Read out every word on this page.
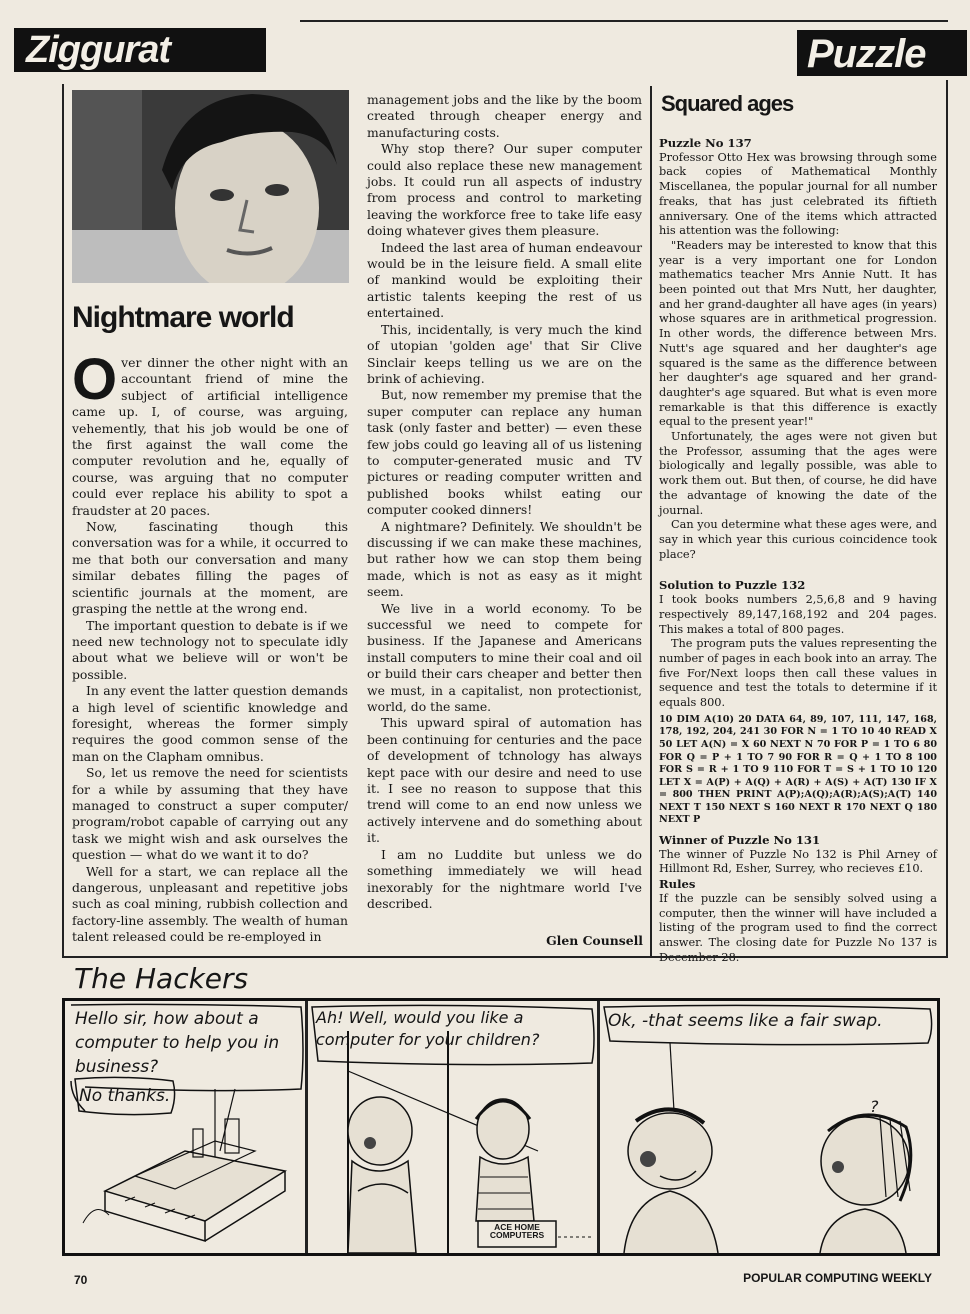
Ziggurat	Puzzle
Nightmare world

Over dinner the other night with an accountant friend of mine the subject of artificial intelligence came up. I, of course, was arguing, vehemently, that his job would be one of the first against the wall come the computer revolution and he, equally of course, was arguing that no computer could ever replace his ability to spot a fraudster at 20 paces.

Now, fascinating though this conversation was for a while, it occurred to me that both our conversation and many similar debates filling the pages of scientific journals at the moment, are grasping the nettle at the wrong end.

The important question to debate is if we need new technology not to speculate idly about what we believe will or won't be possible.

In any event the latter question demands a high level of scientific knowledge and foresight, whereas the former simply requires the good common sense of the man on the Clapham omnibus.

So, let us remove the need for scientists for a while by assuming that they have managed to construct a super computer/ program/robot capable of carrying out any task we might wish and ask ourselves the question — what do we want it to do?

Well for a start, we can replace all the dangerous, unpleasant and repetitive jobs such as coal mining, rubbish collection and factory-line assembly. The wealth of human talent released could be re-employed in

management jobs and the like by the boom created through cheaper energy and manufacturing costs.

Why stop there? Our super computer could also replace these new management jobs. It could run all aspects of industry from process and control to marketing leaving the workforce free to take life easy doing whatever gives them pleasure.

Indeed the last area of human endeavour would be in the leisure field. A small elite of mankind would be exploiting their artistic talents keeping the rest of us entertained.

This, incidentally, is very much the kind of utopian 'golden age' that Sir Clive Sinclair keeps telling us we are on the brink of achieving.

But, now remember my premise that the super computer can replace any human task (only faster and better) — even these few jobs could go leaving all of us listening to computer-generated music and TV pictures or reading computer written and published books whilst eating our computer cooked dinners!

A nightmare? Definitely. We shouldn't be discussing if we can make these machines, but rather how we can stop them being made, which is not as easy as it might seem.

We live in a world economy. To be successful we need to compete for business. If the Japanese and Americans install computers to mine their coal and oil or build their cars cheaper and better then we must, in a capitalist, non protectionist, world, do the same.

This upward spiral of automation has been continuing for centuries and the pace of development of tchnology has always kept pace with our desire and need to use it. I see no reason to suppose that this trend will come to an end now unless we actively intervene and do something about it.

I am no Luddite but unless we do something immediately we will head inexorably for the nightmare world I've described.

Glen Counsell
Squared ages

Puzzle No 137

Professor Otto Hex was browsing through some back copies of Mathematical Monthly Miscellanea, the popular journal for all number freaks, that has just celebrated its fiftieth anniversary. One of the items which attracted his attention was the following:

"Readers may be interested to know that this year is a very important one for London mathematics teacher Mrs Annie Nutt. It has been pointed out that Mrs Nutt, her daughter, and her grand-daughter all have ages (in years) whose squares are in arithmetical progression. In other words, the difference between Mrs. Nutt's age squared and her daughter's age squared is the same as the difference between her daughter's age squared and her grand-daughter's age squared. But what is even more remarkable is that this difference is exactly equal to the present year!"

Unfortunately, the ages were not given but the Professor, assuming that the ages were biologically and legally possible, was able to work them out. But then, of course, he did have the advantage of knowing the date of the journal.

Can you determine what these ages were, and say in which year this curious coincidence took place?

Solution to Puzzle 132

I took books numbers 2,5,6,8 and 9 having respectively 89,147,168,192 and 204 pages. This makes a total of 800 pages.

The program puts the values representing the number of pages in each book into an array. The five For/Next loops then call these values in sequence and test the totals to determine if it equals 800.

10 DIM A(10) 20 DATA 64, 89, 107, 111, 147, 168, 178, 192, 204, 241 30 FOR N = 1 TO 10 40 READ X 50 LET A(N) = X 60 NEXT N 70 FOR P = 1 TO 6 80 FOR Q = P + 1 TO 7 90 FOR R = Q + 1 TO 8 100 FOR S = R + 1 TO 9 110 FOR T = S + 1 TO 10 120 LET X = A(P) + A(Q) + A(R) + A(S) + A(T) 130 IF X = 800 THEN PRINT A(P);A(Q);A(R);A(S);A(T) 140 NEXT T 150 NEXT S 160 NEXT R 170 NEXT Q 180 NEXT P

Winner of Puzzle No 131

The winner of Puzzle No 132 is Phil Arney of Hillmont Rd, Esher, Surrey, who recieves £10.

Rules

If the puzzle can be sensibly solved using a computer, then the winner will have included a listing of the program used to find the correct answer. The closing date for Puzzle No 137 is

The Hackers
Hello sir, how about a computer to help you in business?
No thanks.
Ah! Well, would you like a computer for your children?
ACE HOME COMPUTERS
Ok, -that seems like a fair swap.
?
70	POPULAR COMPUTING WEEKLY
